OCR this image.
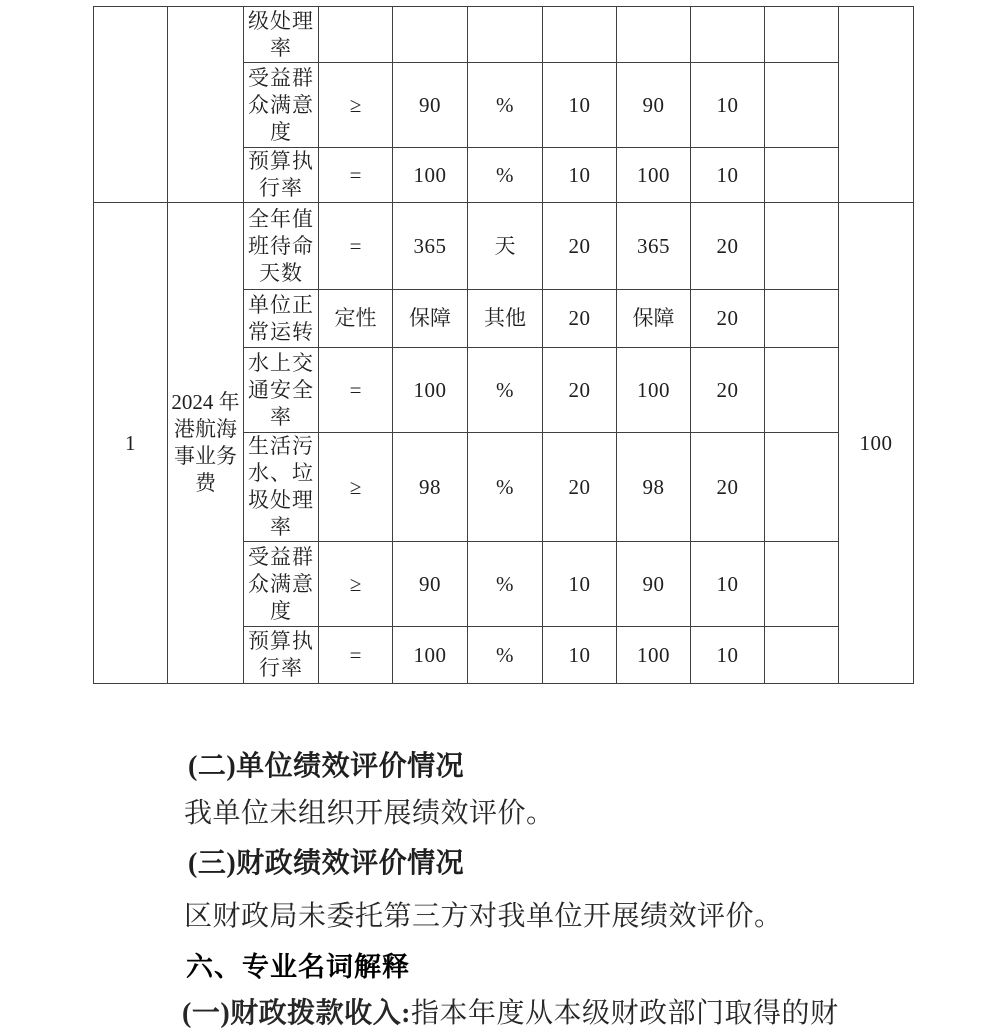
		级处理率								
		受益群众满意度	≥	90	%	10	90	10		
		预算执行率	=	100	%	10	100	10		
1	2024 年港航海事业务费	全年值班待命天数	=	365	天	20	365	20		100
		单位正常运转	定性	保障	其他	20	保障	20		
		水上交通安全率	=	100	%	20	100	20		
		生活污水、垃圾处理率	≥	98	%	20	98	20		
		受益群众满意度	≥	90	%	10	90	10		
		预算执行率	=	100	%	10	100	10		
(二)单位绩效评价情况
我单位未组织开展绩效评价。
(三)财政绩效评价情况
区财政局未委托第三方对我单位开展绩效评价。
六、专业名词解释
(一)财政拨款收入:指本年度从本级财政部门取得的财
